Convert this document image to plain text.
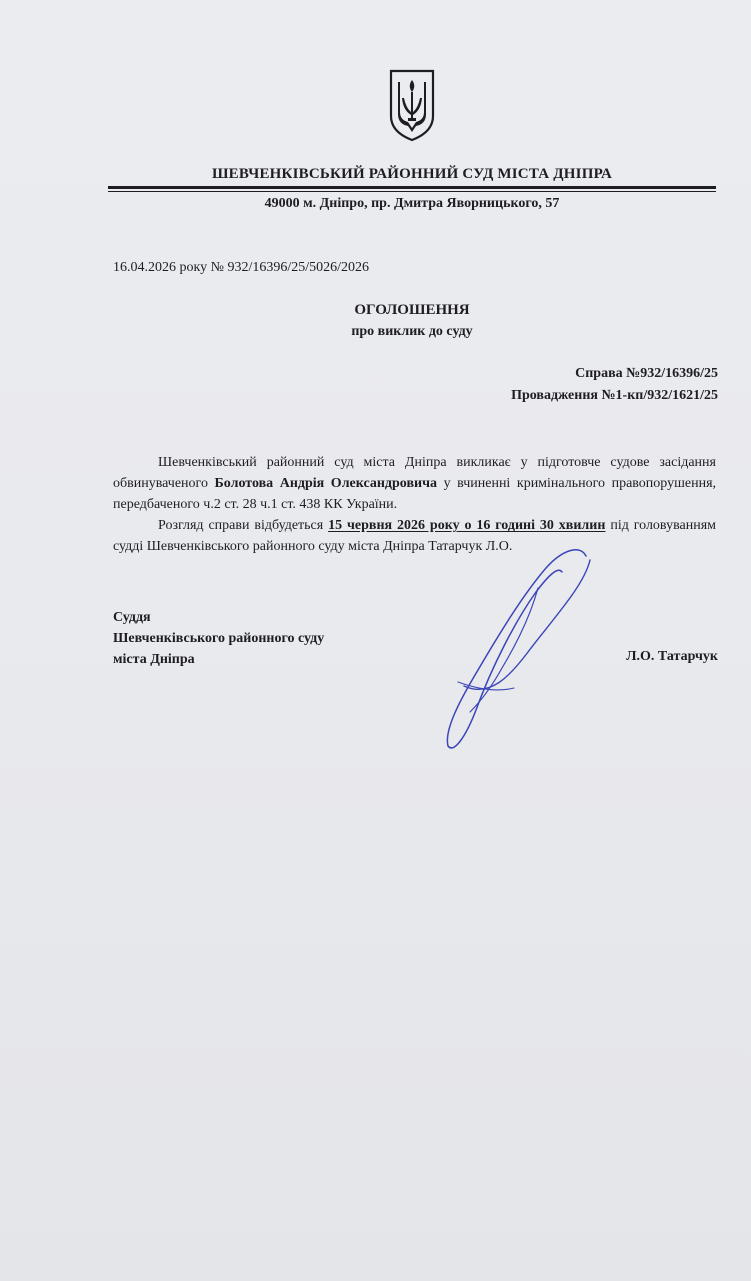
ШЕВЧЕНКІВСЬКИЙ РАЙОННИЙ СУД МІСТА ДНІПРА
49000 м. Дніпро, пр. Дмитра Яворницького, 57
16.04.2026 року № 932/16396/25/5026/2026
ОГОЛОШЕННЯ
про виклик до суду
Справа №932/16396/25
Провадження №1-кп/932/1621/25

Шевченківський районний суд міста Дніпра викликає у підготовче судове засідання обвинуваченого Болотова Андрія Олександровича у вчиненні кримінального правопорушення, передбаченого ч.2 ст. 28 ч.1 ст. 438 КК України.

Розгляд справи відбудеться 15 червня 2026 року о 16 годині 30 хвилин під головуванням судді Шевченківського районного суду міста Дніпра Татарчук Л.О.

Суддя
Шевченківського районного суду
міста Дніпра	Л.О. Татарчук
